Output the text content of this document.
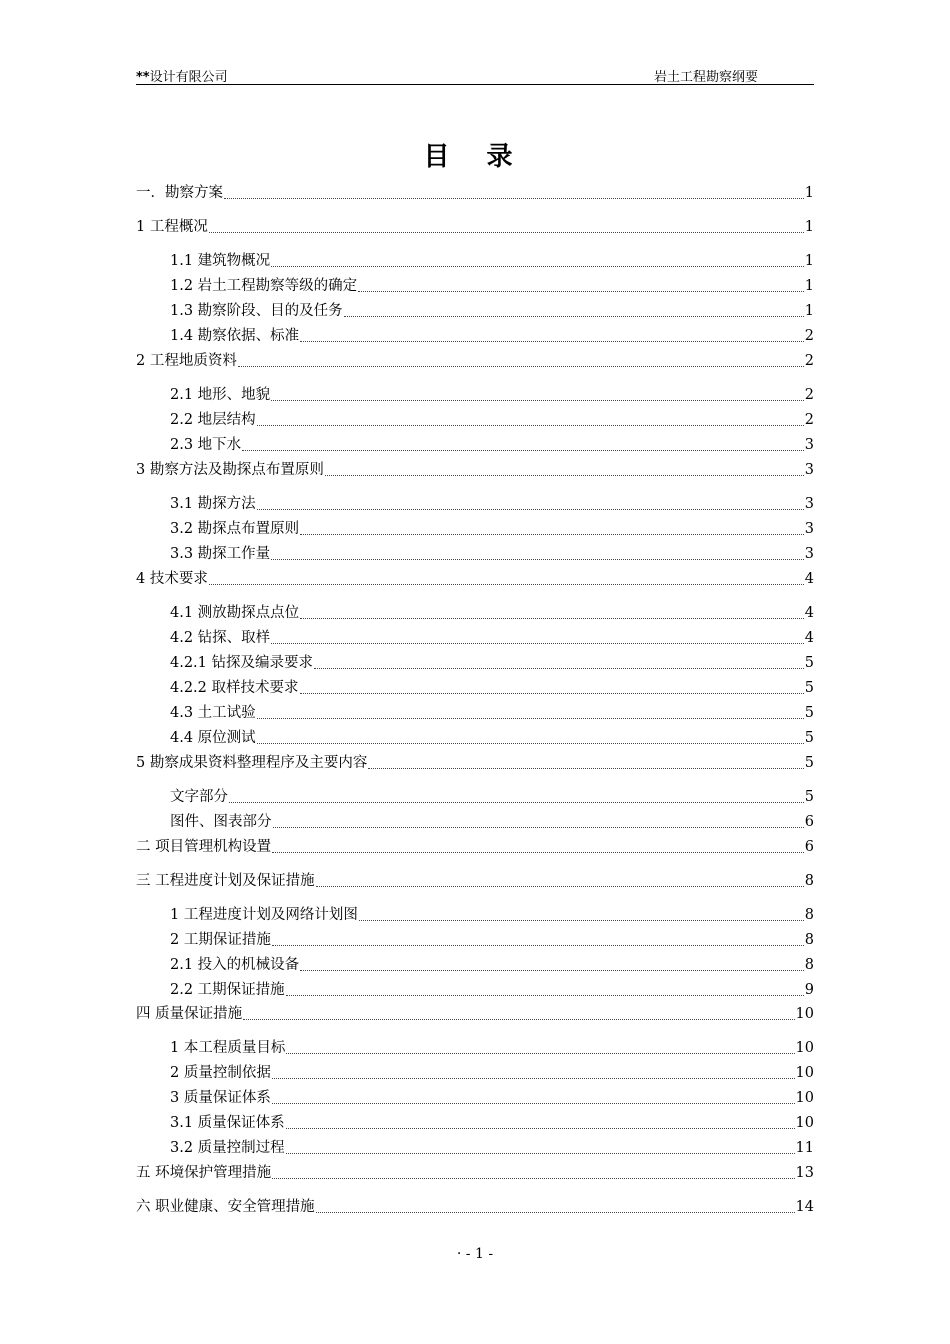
**设计有限公司	岩土工程勘察纲要
目 录
一．勘察方案	1
1 工程概况	1
1.1 建筑物概况	1
1.2 岩土工程勘察等级的确定	1
1.3 勘察阶段、目的及任务	1
1.4 勘察依据、标准	2
2 工程地质资料	2
2.1 地形、地貌	2
2.2 地层结构	2
2.3 地下水	3
3 勘察方法及勘探点布置原则	3
3.1 勘探方法	3
3.2 勘探点布置原则	3
3.3 勘探工作量	3
4 技术要求	4
4.1 测放勘探点点位	4
4.2 钻探、取样	4
4.2.1 钻探及编录要求	5
4.2.2 取样技术要求	5
4.3 土工试验	5
4.4 原位测试	5
5 勘察成果资料整理程序及主要内容	5
文字部分	5
图件、图表部分	6
二 项目管理机构设置	6
三 工程进度计划及保证措施	8
1 工程进度计划及网络计划图	8
2 工期保证措施	8
2.1 投入的机械设备	8
2.2 工期保证措施	9
四 质量保证措施	10
1 本工程质量目标	10
2 质量控制依据	10
3 质量保证体系	10
3.1 质量保证体系	10
3.2 质量控制过程	11
五 环境保护管理措施	13
六 职业健康、安全管理措施	14
· - 1 -
